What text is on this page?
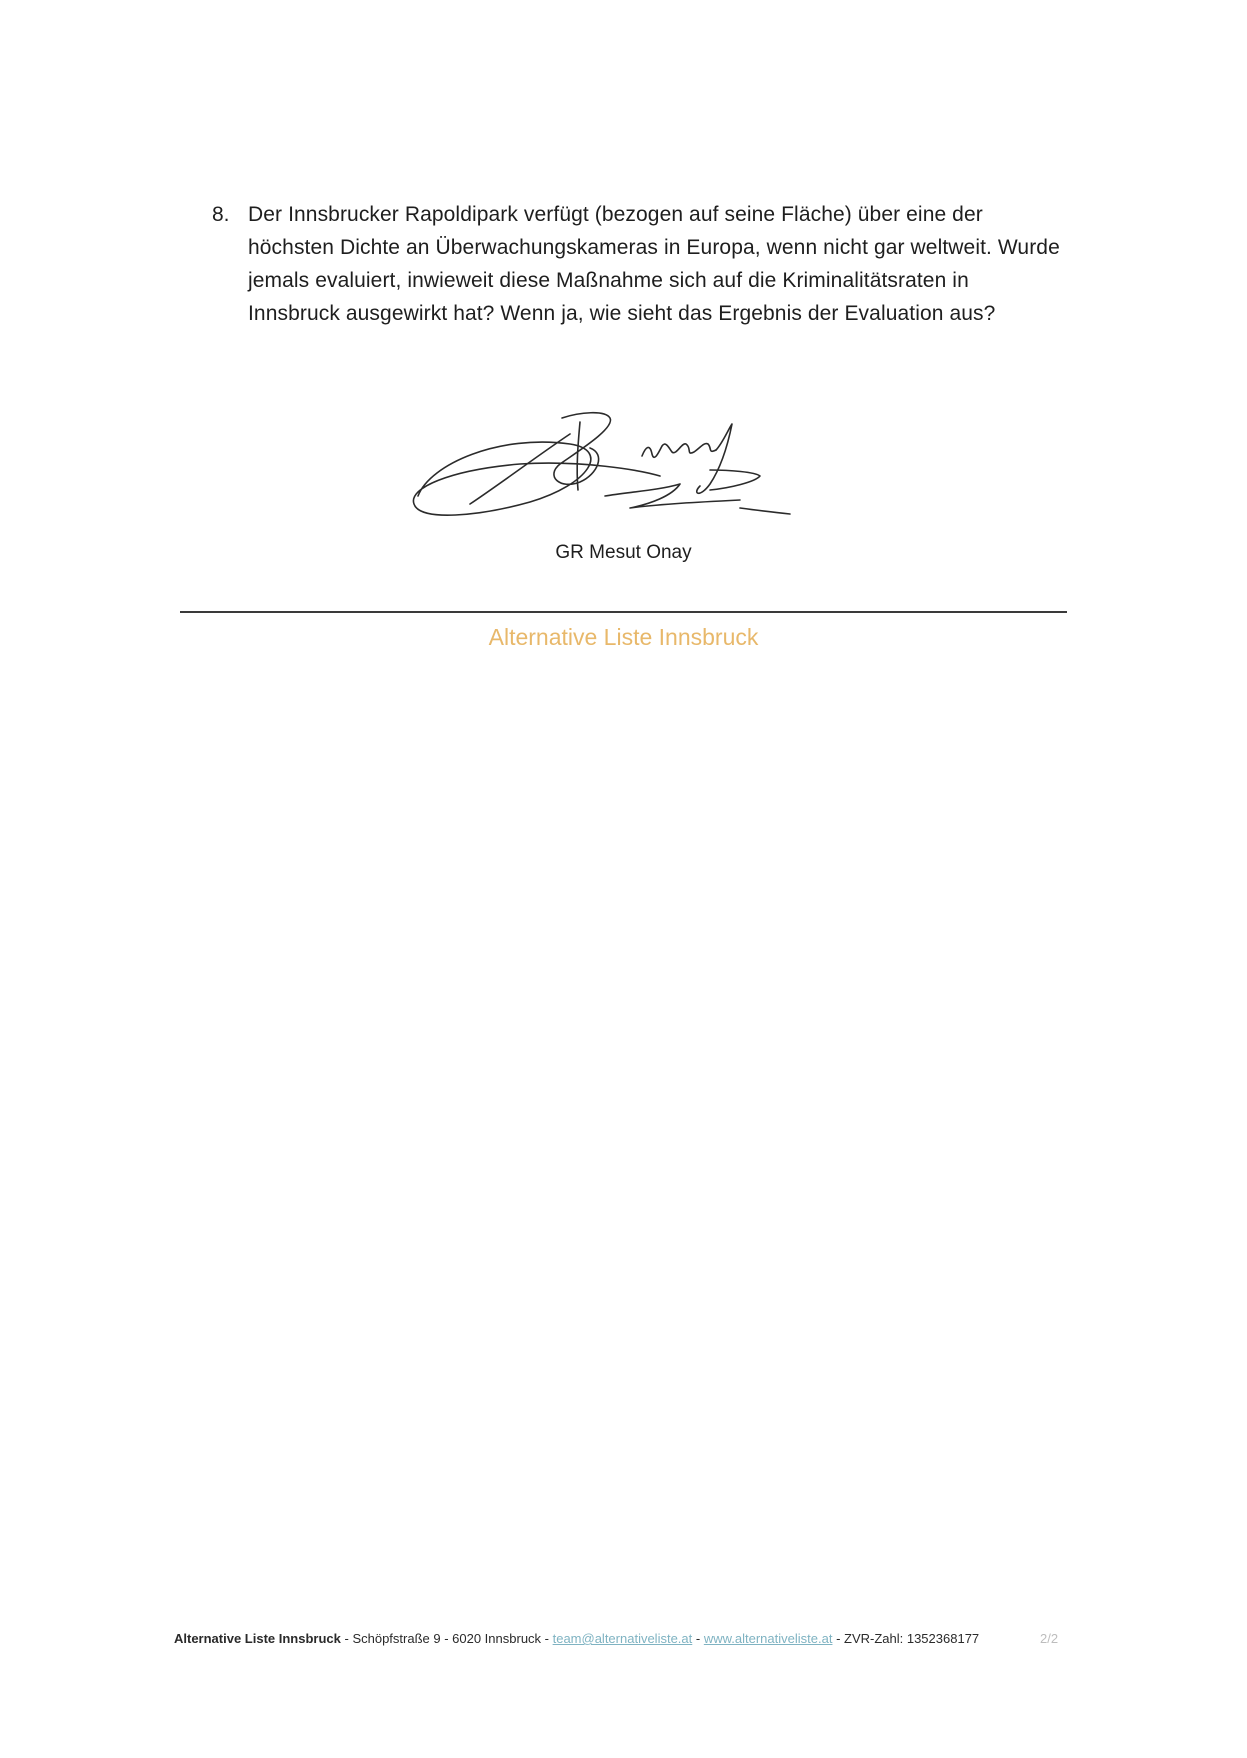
8. Der Innsbrucker Rapoldipark verfügt (bezogen auf seine Fläche) über eine der höchsten Dichte an Überwachungskameras in Europa, wenn nicht gar weltweit. Wurde jemals evaluiert, inwieweit diese Maßnahme sich auf die Kriminalitätsraten in Innsbruck ausgewirkt hat? Wenn ja, wie sieht das Ergebnis der Evaluation aus?
GR Mesut Onay
Alternative Liste Innsbruck
Alternative Liste Innsbruck - Schöpfstraße 9 - 6020 Innsbruck - team@alternativeliste.at - www.alternativeliste.at - ZVR-Zahl: 1352368177	2/2
